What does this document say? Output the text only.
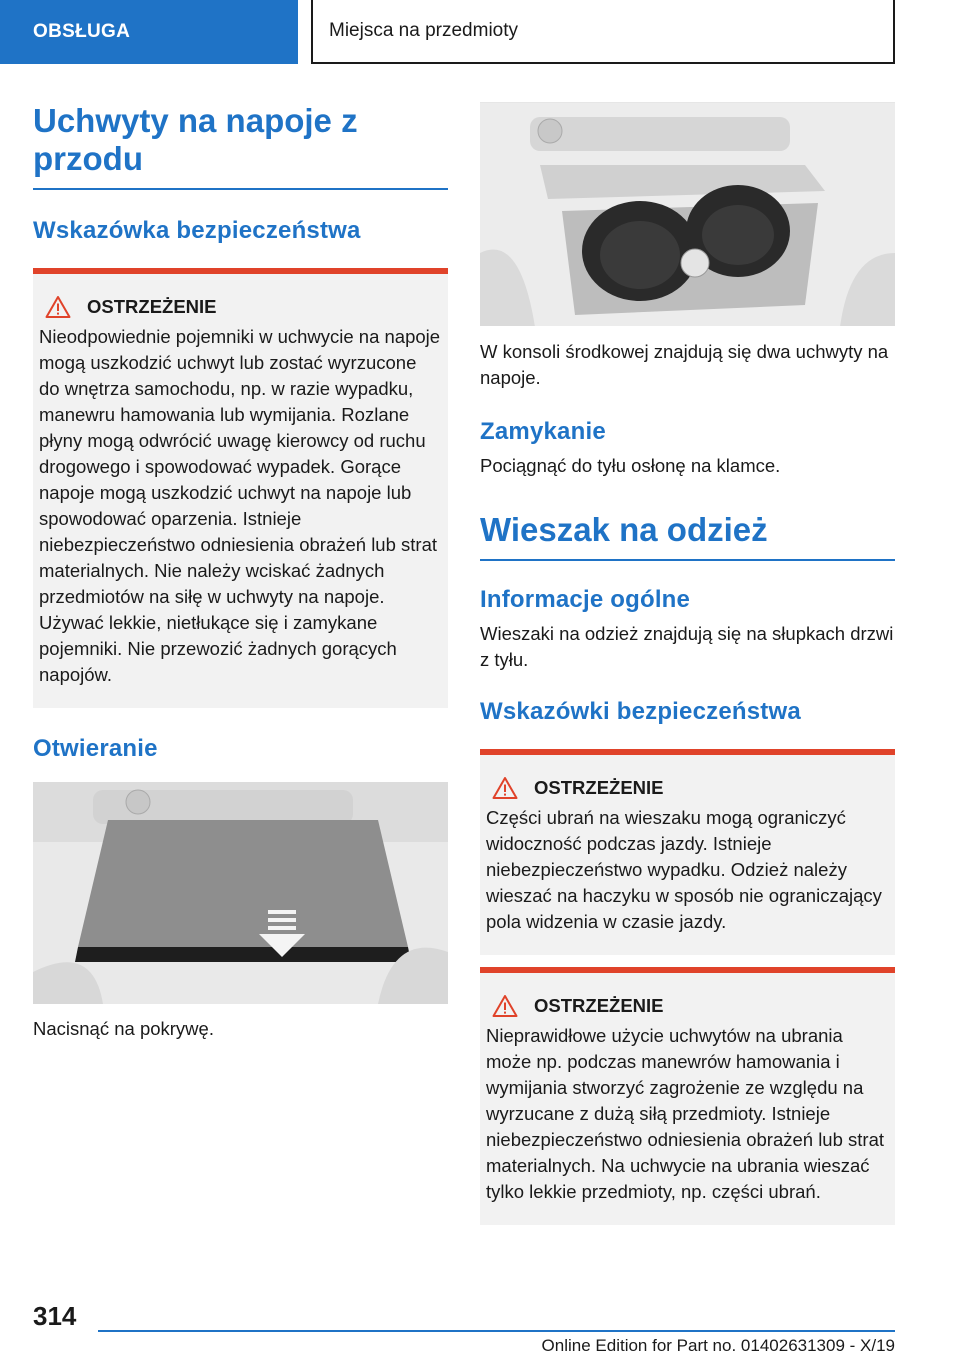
OBSŁUGA	Miejsca na przedmioty
Uchwyty na napoje z przodu
Wskazówka bezpieczeństwa
OSTRZEŻENIE
Nieodpowiednie pojemniki w uchwycie na napoje mogą uszkodzić uchwyt lub zostać wyrzucone do wnętrza samochodu, np. w razie wypadku, manewru hamowania lub wymijania. Rozlane płyny mogą odwrócić uwagę kierowcy od ruchu drogowego i spowodować wypadek. Gorące napoje mogą uszkodzić uchwyt na napoje lub spowodować oparzenia. Istnieje niebezpieczeństwo odniesienia obrażeń lub strat materialnych. Nie należy wciskać żadnych przedmiotów na siłę w uchwyty na napoje. Używać lekkie, nietłukące się i zamykane pojemniki. Nie przewozić żadnych gorących napojów.
Otwieranie
Nacisnąć na pokrywę.
W konsoli środkowej znajdują się dwa uchwyty na napoje.
Zamykanie
Pociągnąć do tyłu osłonę na klamce.
Wieszak na odzież
Informacje ogólne
Wieszaki na odzież znajdują się na słupkach drzwi z tyłu.
Wskazówki bezpieczeństwa
OSTRZEŻENIE
Części ubrań na wieszaku mogą ograniczyć widoczność podczas jazdy. Istnieje niebezpieczeństwo wypadku. Odzież należy wieszać na haczyku w sposób nie ograniczający pola widzenia w czasie jazdy.
OSTRZEŻENIE
Nieprawidłowe użycie uchwytów na ubrania może np. podczas manewrów hamowania i wymijania stworzyć zagrożenie ze względu na wyrzucane z dużą siłą przedmioty. Istnieje niebezpieczeństwo odniesienia obrażeń lub strat materialnych. Na uchwycie na ubrania wieszać tylko lekkie przedmioty, np. części ubrań.
314
Online Edition for Part no. 01402631309 - X/19
